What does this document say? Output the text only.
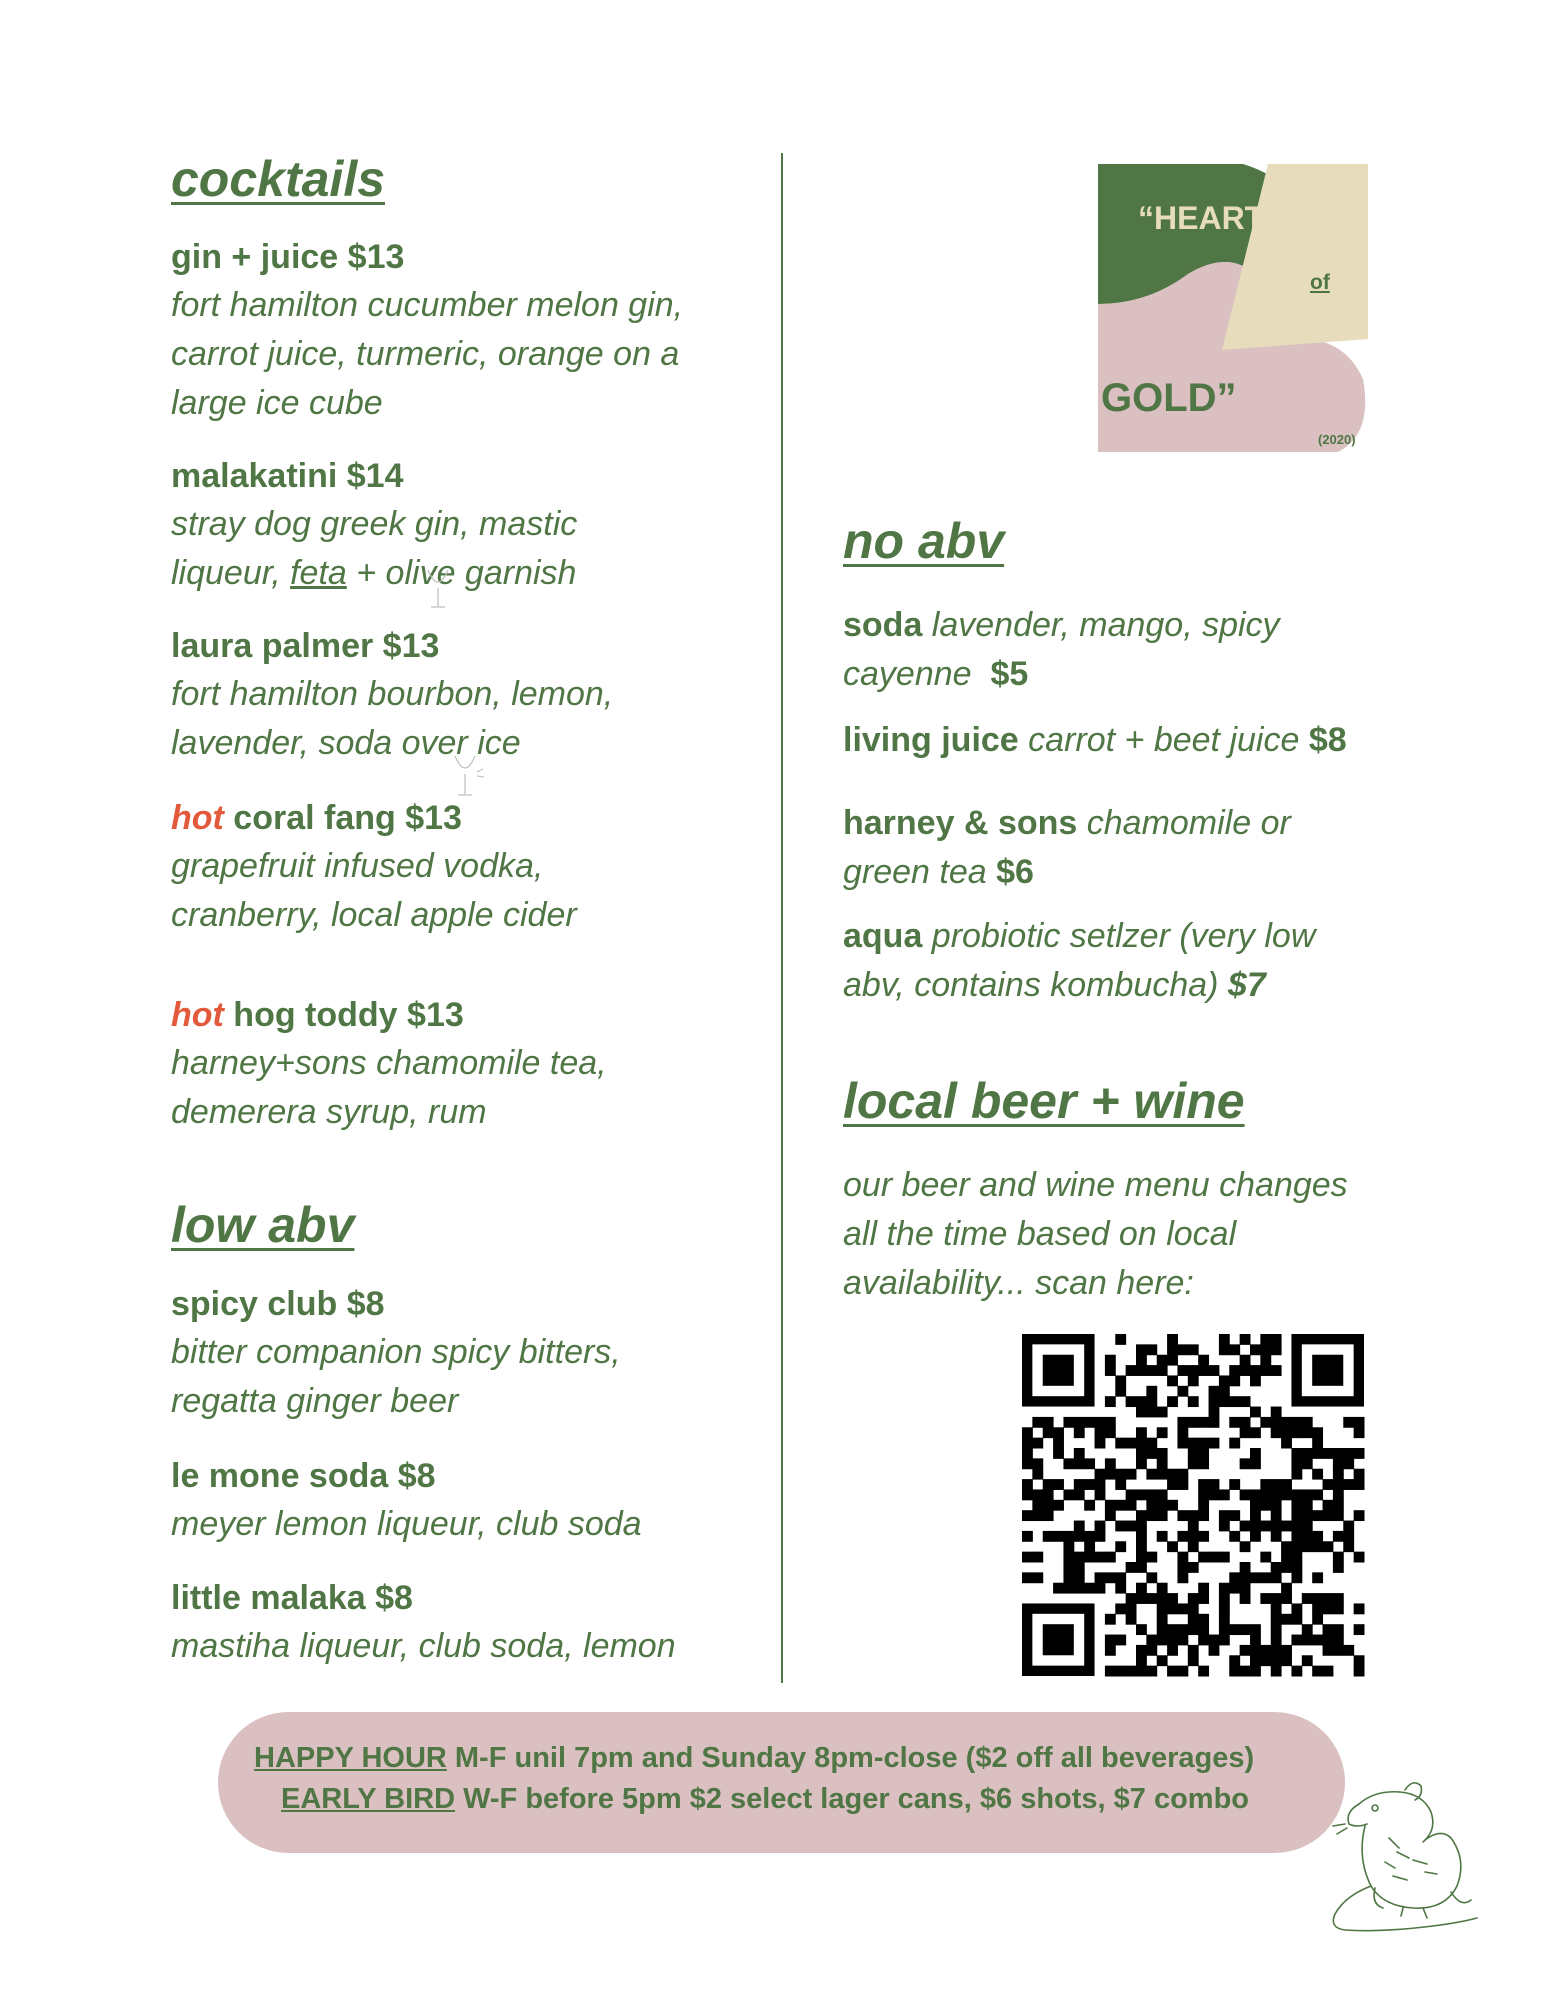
cocktails
gin + juice $13
fort hamilton cucumber melon gin,
carrot juice, turmeric, orange on a
large ice cube
malakatini $14
stray dog greek gin, mastic
liqueur, feta + olive garnish
laura palmer $13
fort hamilton bourbon, lemon,
lavender, soda over ice
hot coral fang $13
grapefruit infused vodka,
cranberry, local apple cider
hot hog toddy $13
harney+sons chamomile tea,
demerera syrup, rum
low abv
spicy club $8
bitter companion spicy bitters,
regatta ginger beer
le mone soda $8
meyer lemon liqueur, club soda
little malaka $8
mastiha liqueur, club soda, lemon
“HEART
of
GOLD”
(2020)
no abv
soda lavender, mango, spicy
cayenne $5
living juice carrot + beet juice $8
harney & sons chamomile or
green tea $6
aqua probiotic setlzer (very low
abv, contains kombucha) $7
local beer + wine
our beer and wine menu changes
all the time based on local
availability... scan here:
HAPPY HOUR M-F unil 7pm and Sunday 8pm-close ($2 off all beverages)
EARLY BIRD W-F before 5pm $2 select lager cans, $6 shots, $7 combo
